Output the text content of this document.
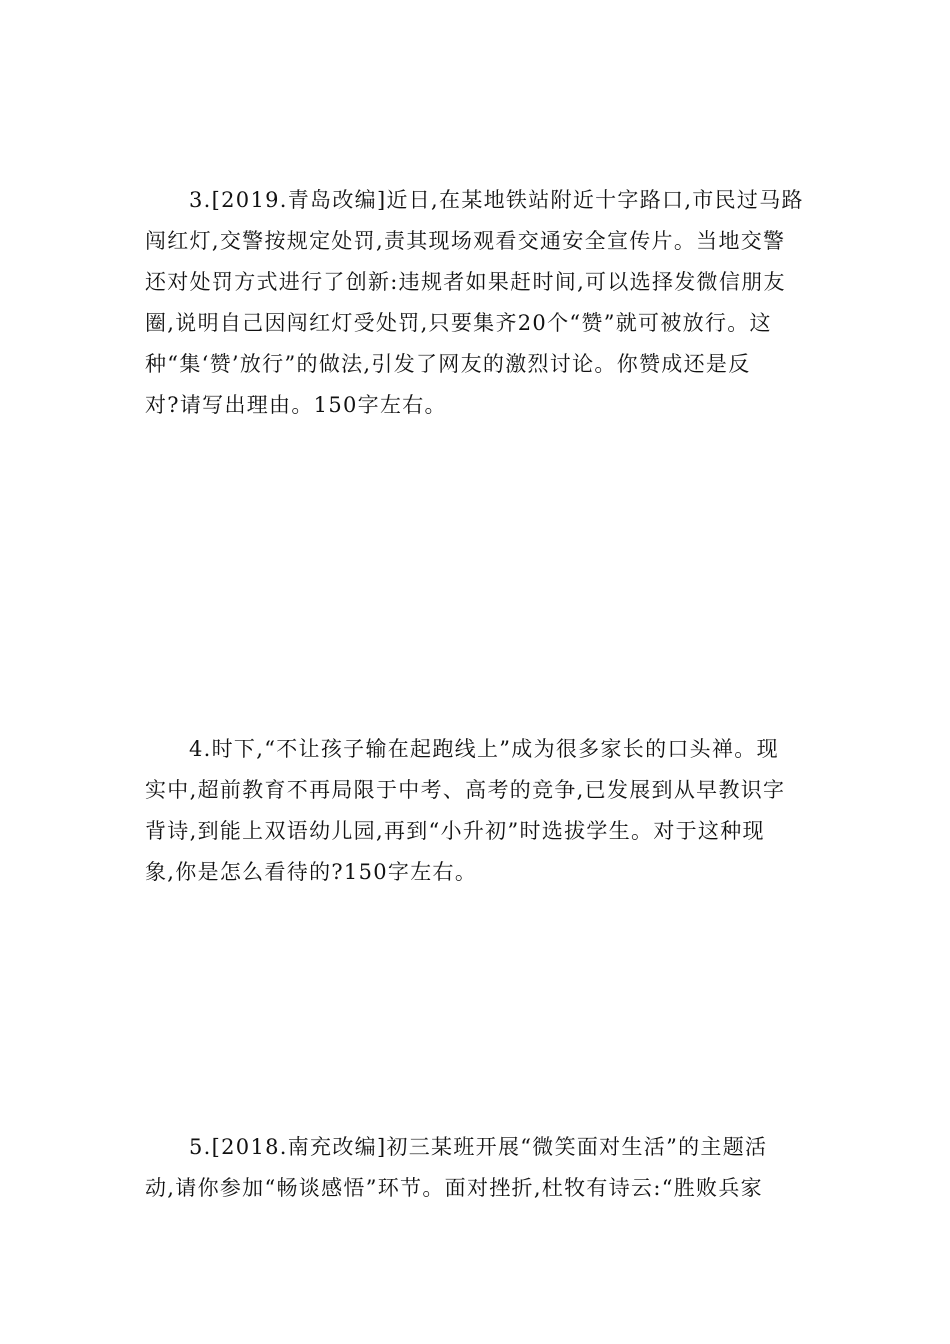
3.[2019.青岛改编]近日,在某地铁站附近十字路口,市民过马路
闯红灯,交警按规定处罚,责其现场观看交通安全宣传片。当地交警
还对处罚方式进行了创新:违规者如果赶时间,可以选择发微信朋友
圈,说明自己因闯红灯受处罚,只要集齐20个“赞”就可被放行。这
种“集‘赞’放行”的做法,引发了网友的激烈讨论。你赞成还是反
对?请写出理由。150字左右。
4.时下,“不让孩子输在起跑线上”成为很多家长的口头禅。现
实中,超前教育不再局限于中考、高考的竞争,已发展到从早教识字
背诗,到能上双语幼儿园,再到“小升初”时选拔学生。对于这种现
象,你是怎么看待的?150字左右。
5.[2018.南充改编]初三某班开展“微笑面对生活”的主题活
动,请你参加“畅谈感悟”环节。面对挫折,杜牧有诗云:“胜败兵家
